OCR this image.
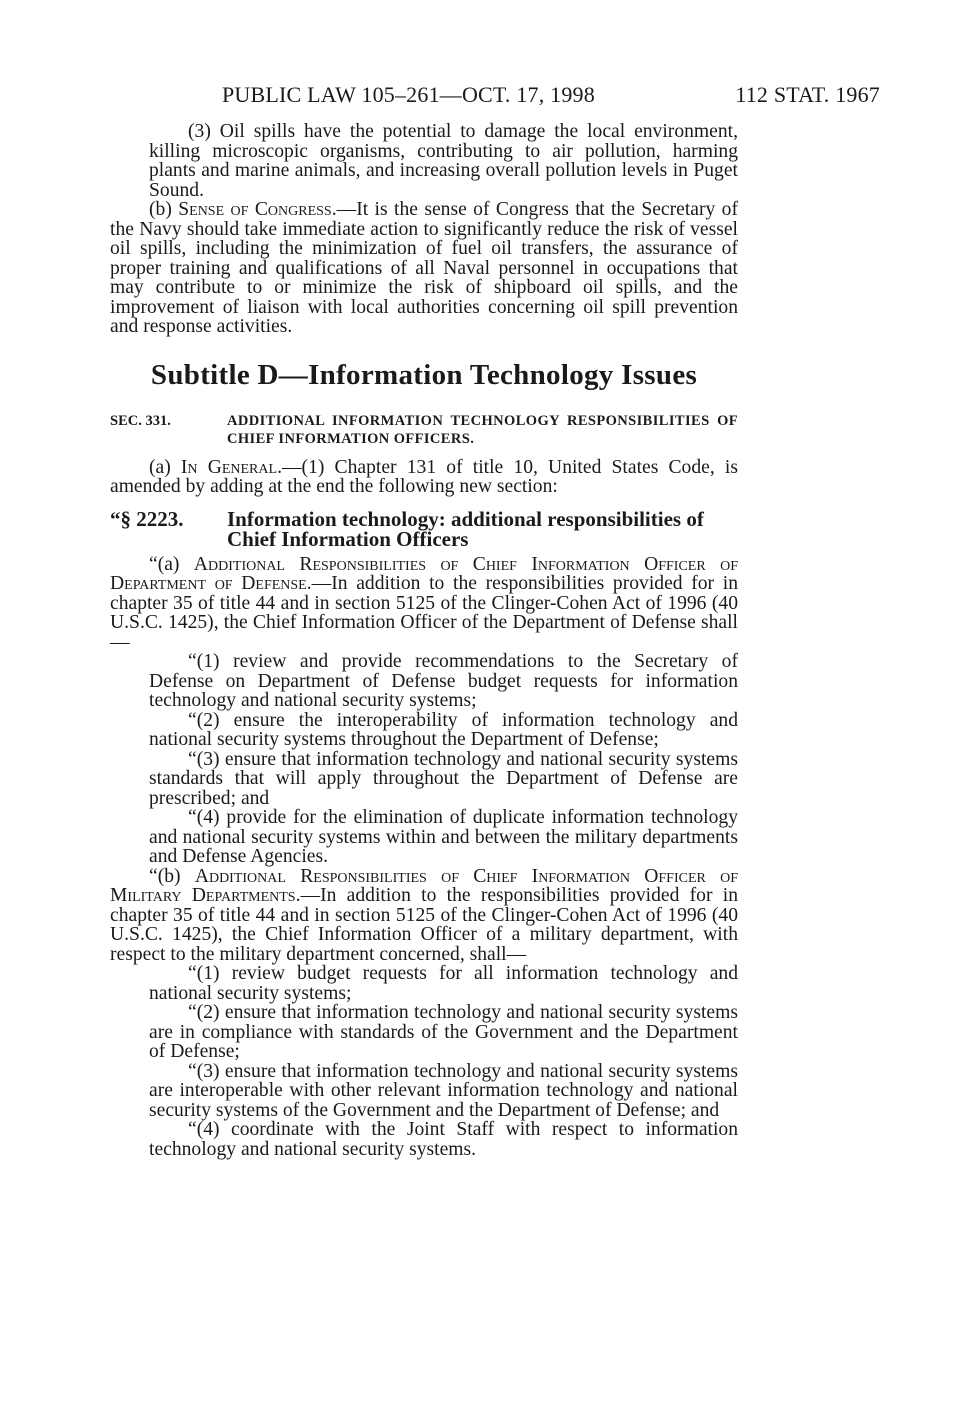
PUBLIC LAW 105–261—OCT. 17, 1998	112 STAT. 1967

(3) Oil spills have the potential to damage the local environment, killing microscopic organisms, contributing to air pollution, harming plants and marine animals, and increasing overall pollution levels in Puget Sound.

(b) Sense of Congress.—It is the sense of Congress that the Secretary of the Navy should take immediate action to significantly reduce the risk of vessel oil spills, including the minimization of fuel oil transfers, the assurance of proper training and qualifications of all Naval personnel in occupations that may contribute to or minimize the risk of shipboard oil spills, and the improvement of liaison with local authorities concerning oil spill prevention and response activities.

Subtitle D—Information Technology Issues

SEC. 331.	ADDITIONAL INFORMATION TECHNOLOGY RESPONSIBILITIES OF CHIEF INFORMATION OFFICERS.

(a) In General.—(1) Chapter 131 of title 10, United States Code, is amended by adding at the end the following new section:

“§ 2223. Information technology: additional responsibilities of Chief Information Officers

“(a) Additional Responsibilities of Chief Information Officer of Department of Defense.—In addition to the responsibilities provided for in chapter 35 of title 44 and in section 5125 of the Clinger-Cohen Act of 1996 (40 U.S.C. 1425), the Chief Information Officer of the Department of Defense shall—

“(1) review and provide recommendations to the Secretary of Defense on Department of Defense budget requests for information technology and national security systems;

“(2) ensure the interoperability of information technology and national security systems throughout the Department of Defense;

“(3) ensure that information technology and national security systems standards that will apply throughout the Department of Defense are prescribed; and

“(4) provide for the elimination of duplicate information technology and national security systems within and between the military departments and Defense Agencies.

“(b) Additional Responsibilities of Chief Information Officer of Military Departments.—In addition to the responsibilities provided for in chapter 35 of title 44 and in section 5125 of the Clinger-Cohen Act of 1996 (40 U.S.C. 1425), the Chief Information Officer of a military department, with respect to the military department concerned, shall—

“(1) review budget requests for all information technology and national security systems;

“(2) ensure that information technology and national security systems are in compliance with standards of the Government and the Department of Defense;

“(3) ensure that information technology and national security systems are interoperable with other relevant information technology and national security systems of the Government and the Department of Defense; and

“(4) coordinate with the Joint Staff with respect to information technology and national security systems.
